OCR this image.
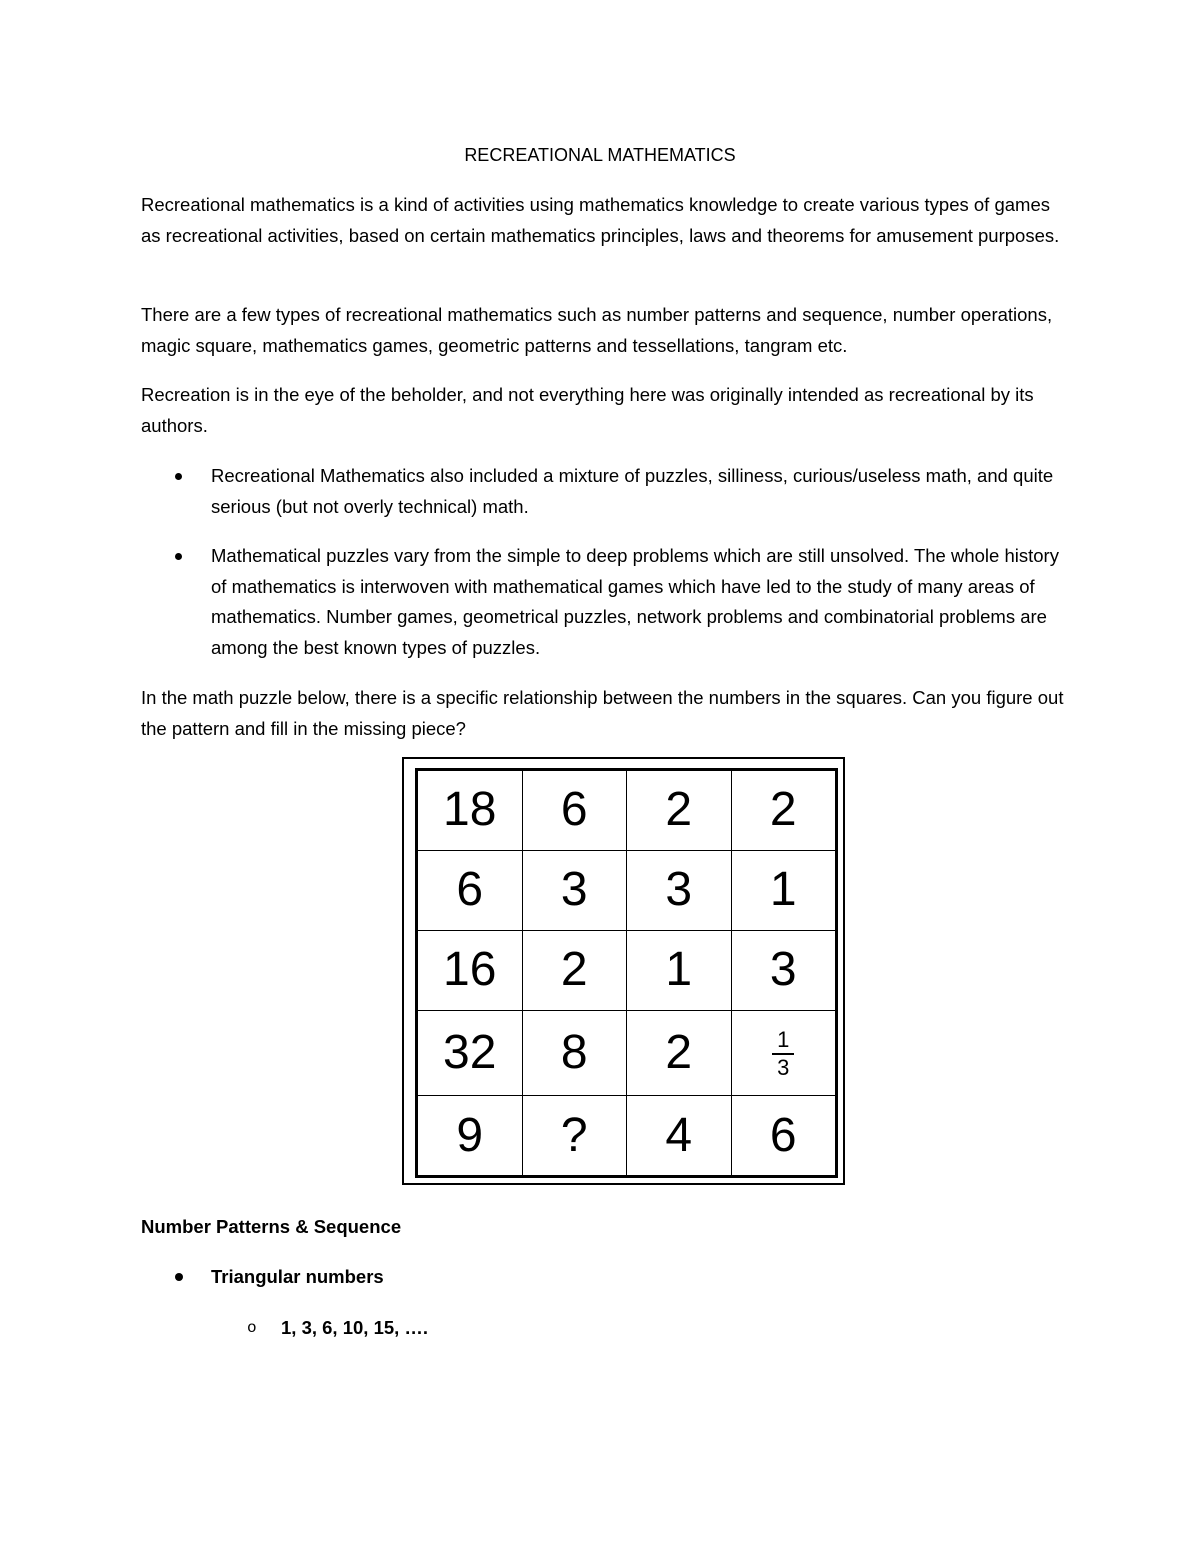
RECREATIONAL MATHEMATICS

Recreational mathematics is a kind of activities using mathematics knowledge to create various types of games as recreational activities, based on certain mathematics principles, laws and theorems for amusement purposes.

There are a few types of recreational mathematics such as number patterns and sequence, number operations, magic square, mathematics games, geometric patterns and tessellations, tangram etc.

Recreation is in the eye of the beholder, and not everything here was originally intended as recreational by its authors.

Recreational Mathematics also included a mixture of puzzles, silliness, curious/useless math, and quite serious (but not overly technical) math.
Mathematical puzzles vary from the simple to deep problems which are still unsolved. The whole history of mathematics is interwoven with mathematical games which have led to the study of many areas of mathematics. Number games, geometrical puzzles, network problems and combinatorial problems are among the best known types of puzzles.

In the math puzzle below, there is a specific relationship between the numbers in the squares. Can you figure out the pattern and fill in the missing piece?

18	6	2	2
6	3	3	1
16	2	1	3
32	8	2	$\frac{1}{3}$

9	?	4	6
Number Patterns & Sequence
Triangular numbers
o 1, 3, 6, 10, 15, ….
